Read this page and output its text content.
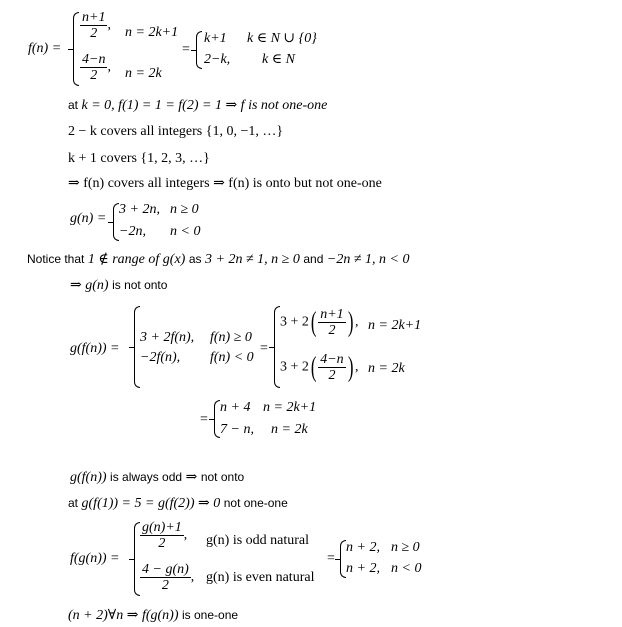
f(n) =
$\frac{n+1}{2}$ , n = 2k+1
$\frac{4-n}{2}$ , n = 2k
=
k+1 k ∈ N ∪ {0}
2−k, k ∈ N
at k = 0, f(1) = 1 = f(2) = 1 ⇒ f is not one-one
2 − k covers all integers {1, 0, −1, …}
k + 1 covers {1, 2, 3, …}
⇒ f(n) covers all integers ⇒ f(n) is onto but not one-one
g(n) =
3 + 2n, n ≥ 0
−2n, n < 0
Notice that 1 ∉ range of g(x) as 3 + 2n ≠ 1, n ≥ 0 and −2n ≠ 1, n < 0
⇒ g(n) is not onto
g(f(n)) =
3 + 2f(n), f(n) ≥ 0
−2f(n), f(n) < 0
=
$3 + 2( \frac{n+1}{2}$ ) , n = 2k+1
$3 + 2( \frac{4-n}{2}$ ) , n = 2k
=
n + 4 n = 2k+1
7 − n, n = 2k
g(f(n)) is always odd ⇒ not onto
at g(f(1)) = 5 = g(f(2)) ⇒ 0 not one-one
f(g(n)) =
$\frac{g(n)+1}{2}$ , g(n) is odd natural
$\frac{4 - g(n)}{2}$ , g(n) is even natural
=
n + 2, n ≥ 0
n + 2, n < 0
(n + 2)∀n ⇒ f(g(n)) is one-one
